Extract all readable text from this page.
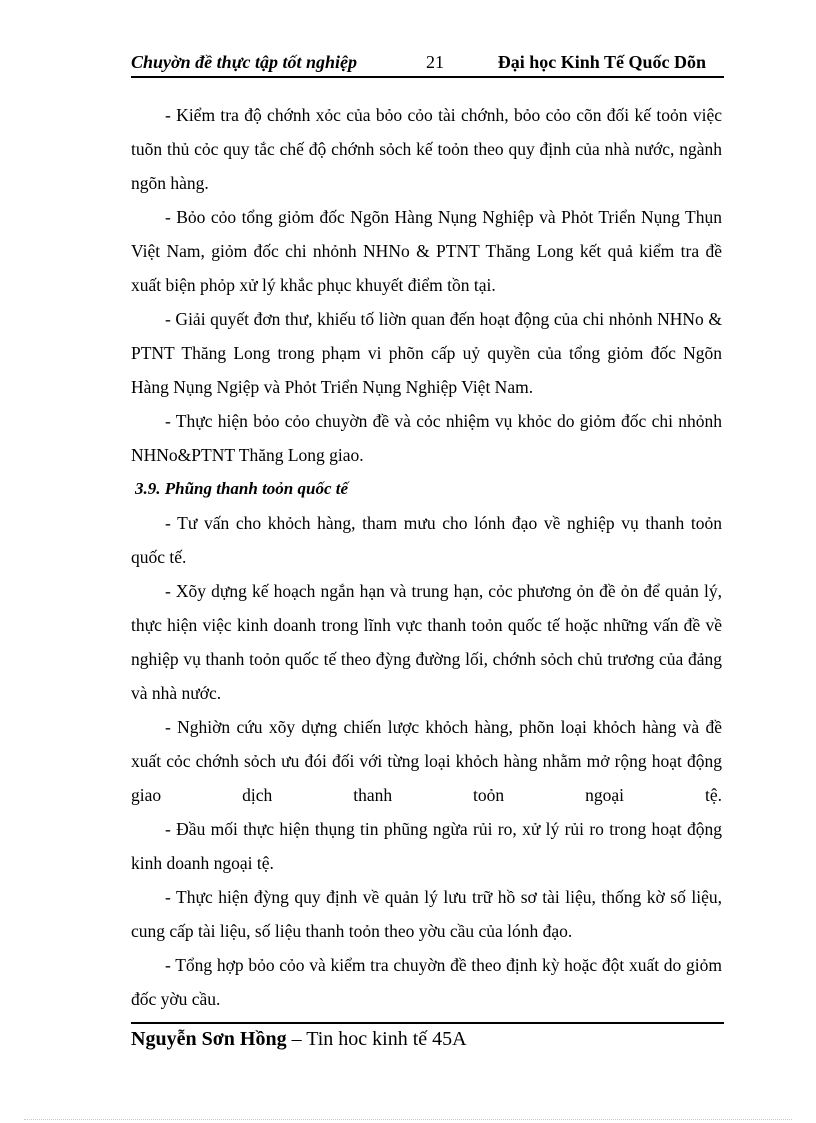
Chuyờn đề thực tập tốt nghiệp	21	Đại học Kinh Tế Quốc Dõn

- Kiểm tra độ chớnh xỏc của bỏo cỏo tài chớnh, bỏo cỏo cõn đối kế toỏn việc tuõn thủ cỏc quy tắc chế độ chớnh sỏch kế toỏn theo quy định của nhà nước, ngành ngõn hàng.

- Bỏo cỏo tổng giỏm đốc Ngõn Hàng Nụng Nghiệp và Phỏt Triển Nụng Thụn Việt Nam, giỏm đốc chi nhỏnh NHNo & PTNT Thăng Long kết quả kiểm tra đề xuất biện phỏp xử lý khắc phục khuyết điểm tồn tại.

- Giải quyết đơn thư, khiếu tố liờn quan đến hoạt động của chi nhỏnh NHNo & PTNT Thăng Long trong phạm vi phõn cấp uỷ quyền của tổng giỏm đốc Ngõn Hàng Nụng Ngiệp và Phỏt Triển Nụng Nghiệp Việt Nam.

- Thực hiện bỏo cỏo chuyờn đề và cỏc nhiệm vụ khỏc do giỏm đốc chi nhỏnh NHNo&PTNT Thăng Long giao.

3.9. Phũng thanh toỏn quốc tế

- Tư vấn cho khỏch hàng, tham mưu cho lónh đạo về nghiệp vụ thanh toỏn quốc tế.

- Xõy dựng kế hoạch ngắn hạn và trung hạn, cỏc phương ỏn đề ỏn để quản lý, thực hiện việc kinh doanh trong lĩnh vực thanh toỏn quốc tế hoặc những vấn đề về nghiệp vụ thanh toỏn quốc tế theo đỳng đường lối, chớnh sỏch chủ trương của đảng và nhà nước.

- Nghiờn cứu xõy dựng chiến lược khỏch hàng, phõn loại khỏch hàng và đề xuất cỏc chớnh sỏch ưu đói đối với từng loại khỏch hàng nhằm mở rộng hoạt động giao dịch thanh toỏn ngoại tệ.

- Đầu mối thực hiện thụng tin phũng ngừa rủi ro, xử lý rủi ro trong hoạt động kinh doanh ngoại tệ.

- Thực hiện đỳng quy định về quản lý lưu trữ hồ sơ tài liệu, thống kờ số liệu, cung cấp tài liệu, số liệu thanh toỏn theo yờu cầu của lónh đạo.

- Tổng hợp bỏo cỏo và kiểm tra chuyờn đề theo định kỳ hoặc đột xuất do giỏm đốc yờu cầu.

Nguyễn Sơn Hồng – Tin hoc kinh tế 45A
